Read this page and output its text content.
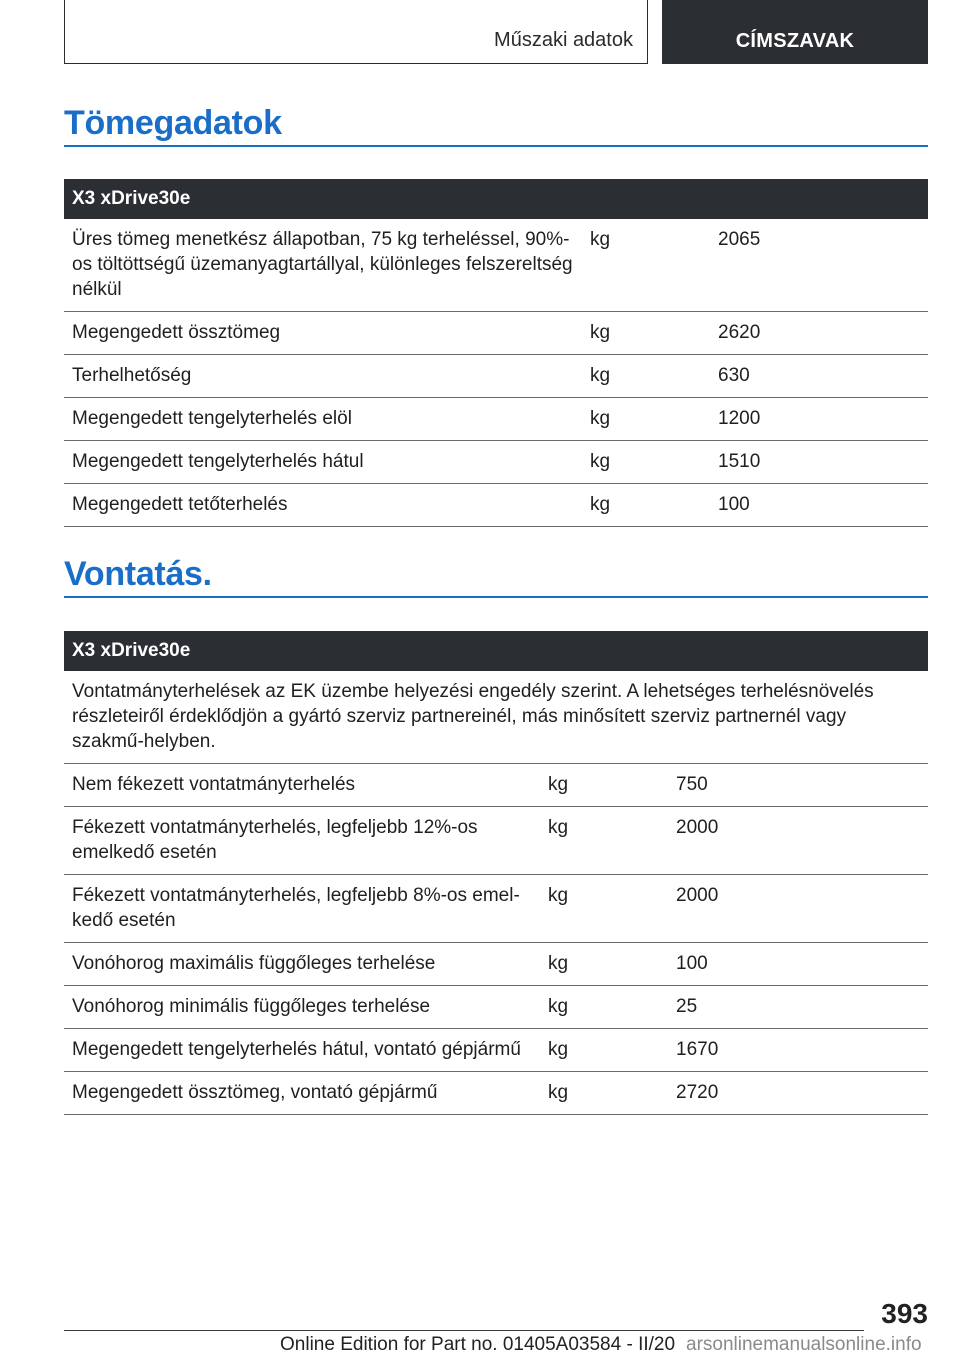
Műszaki adatok	CÍMSZAVAK
Tömegadatok
X3 xDrive30e		
Üres tömeg menetkész állapotban, 75 kg terheléssel, 90%-os töltöttségű üzemanyagtartállyal, különleges felszereltség nélkül	kg	2065
Megengedett össztömeg	kg	2620
Terhelhetőség	kg	630
Megengedett tengelyterhelés elöl	kg	1200
Megengedett tengelyterhelés hátul	kg	1510
Megengedett tetőterhelés	kg	100
Vontatás.
X3 xDrive30e		
Vontatmányterhelések az EK üzembe helyezési engedély szerint. A lehetséges terhelésnövelés részleteiről érdeklődjön a gyártó szerviz partnereinél, más minősített szerviz partnernél vagy szakmű-helyben.		
Nem fékezett vontatmányterhelés	kg	750
Fékezett vontatmányterhelés, legfeljebb 12%-os emelkedő esetén	kg	2000
Fékezett vontatmányterhelés, legfeljebb 8%-os emel-kedő esetén	kg	2000
Vonóhorog maximális függőleges terhelése	kg	100
Vonóhorog minimális függőleges terhelése	kg	25
Megengedett tengelyterhelés hátul, vontató gépjármű	kg	1670
Megengedett össztömeg, vontató gépjármű	kg	2720
393
Online Edition for Part no. 01405A03584 - II/20 arsonlinemanualsonline.info
